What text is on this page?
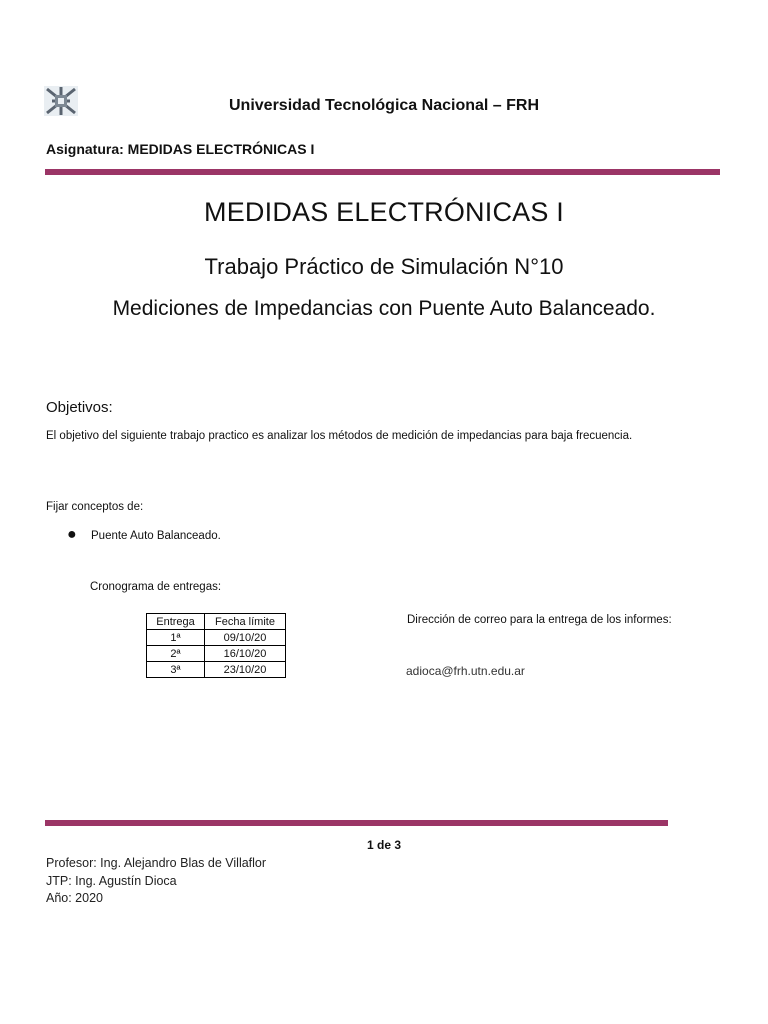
Universidad Tecnológica Nacional – FRH
Asignatura: MEDIDAS ELECTRÓNICAS I
MEDIDAS ELECTRÓNICAS I
Trabajo Práctico de Simulación N°10
Mediciones de Impedancias con Puente Auto Balanceado.
Objetivos:
El objetivo del siguiente trabajo practico es analizar los métodos de medición de impedancias para baja frecuencia.
Fijar conceptos de:
● Puente Auto Balanceado.
Cronograma de entregas:
Entrega	Fecha límite
1ª	09/10/20
2ª	16/10/20
3ª	23/10/20
Dirección de correo para la entrega de los informes:
adioca@frh.utn.edu.ar
1 de 3
Profesor: Ing. Alejandro Blas de Villaflor
JTP: Ing. Agustín Dioca
Año: 2020
